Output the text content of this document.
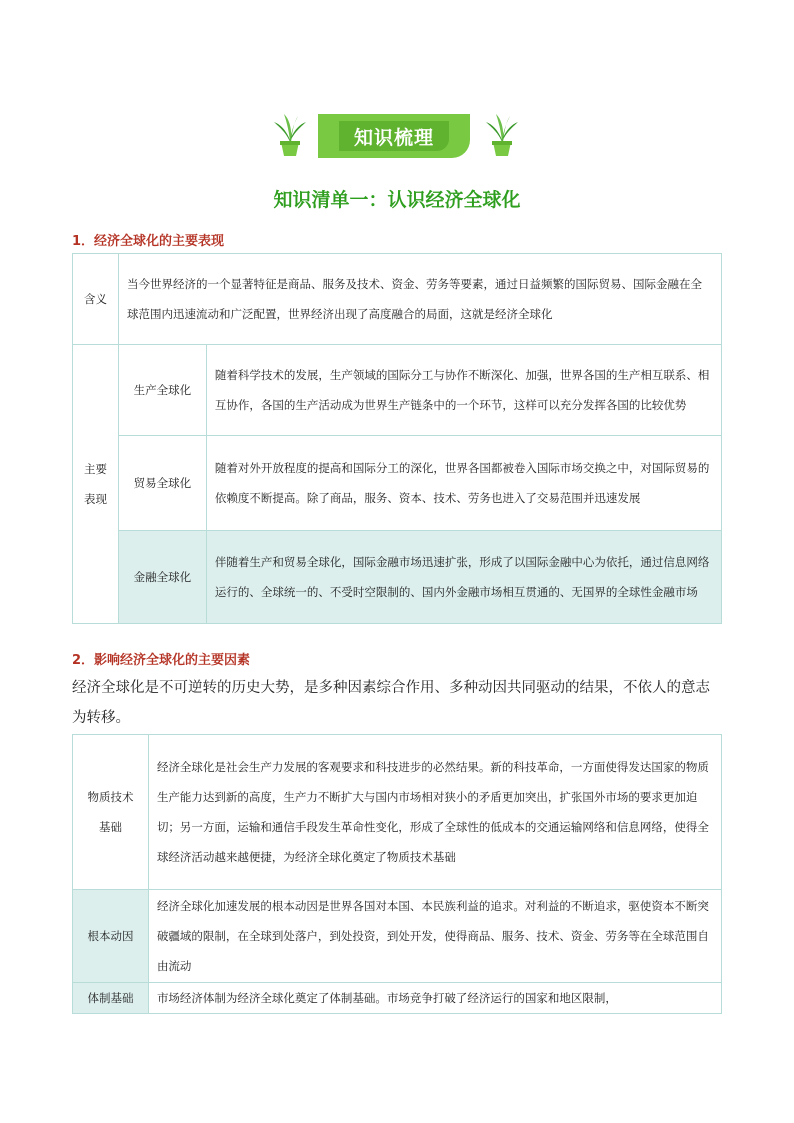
知识梳理
知识清单一：认识经济全球化
1．经济全球化的主要表现
含义	当今世界经济的一个显著特征是商品、服务及技术、资金、劳务等要素，通过日益频繁的国际贸易、国际金融在全球范围内迅速流动和广泛配置，世界经济出现了高度融合的局面，这就是经济全球化	

主要
表现	生产全球化	随着科学技术的发展，生产领域的国际分工与协作不断深化、加强，世界各国的生产相互联系、相互协作，各国的生产活动成为世界生产链条中的一个环节，这样可以充分发挥各国的比较优势
	贸易全球化	随着对外开放程度的提高和国际分工的深化，世界各国都被卷入国际市场交换之中，对国际贸易的依赖度不断提高。除了商品，服务、资本、技术、劳务也进入了交易范围并迅速发展
	金融全球化	伴随着生产和贸易全球化，国际金融市场迅速扩张，形成了以国际金融中心为依托，通过信息网络运行的、全球统一的、不受时空限制的、国内外金融市场相互贯通的、无国界的全球性金融市场
2．影响经济全球化的主要因素
经济全球化是不可逆转的历史大势，是多种因素综合作用、多种动因共同驱动的结果，不依人的意志为转移。
物质技术基础	经济全球化是社会生产力发展的客观要求和科技进步的必然结果。新的科技革命，一方面使得发达国家的物质生产能力达到新的高度，生产力不断扩大与国内市场相对狭小的矛盾更加突出，扩张国外市场的要求更加迫切；另一方面，运输和通信手段发生革命性变化，形成了全球性的低成本的交通运输网络和信息网络，使得全球经济活动越来越便捷，为经济全球化奠定了物质技术基础
根本动因	经济全球化加速发展的根本动因是世界各国对本国、本民族利益的追求。对利益的不断追求，驱使资本不断突破疆域的限制，在全球到处落户，到处投资，到处开发，使得商品、服务、技术、资金、劳务等在全球范围自由流动
体制基础	市场经济体制为经济全球化奠定了体制基础。市场竞争打破了经济运行的国家和地区限制，
